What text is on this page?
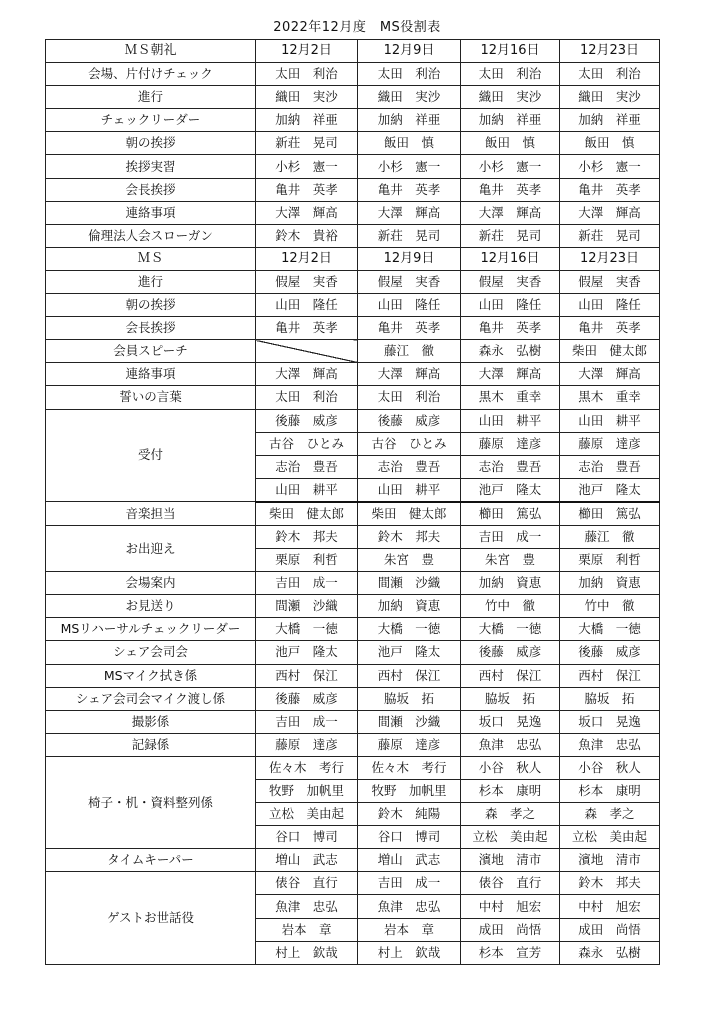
2022年12月度　MS役割表
ＭＳ朝礼	12月2日	12月9日	12月16日	12月23日
会場、片付けチェック	太田　利治	太田　利治	太田　利治	太田　利治
進行	織田　実沙	織田　実沙	織田　実沙	織田　実沙
チェックリーダー	加納　祥亜	加納　祥亜	加納　祥亜	加納　祥亜
朝の挨拶	新荘　晃司	飯田　慎	飯田　慎	飯田　慎
挨拶実習	小杉　憲一	小杉　憲一	小杉　憲一	小杉　憲一
会長挨拶	亀井　英孝	亀井　英孝	亀井　英孝	亀井　英孝
連絡事項	大澤　輝高	大澤　輝高	大澤　輝高	大澤　輝高
倫理法人会スローガン	鈴木　貴裕	新荘　晃司	新荘　晃司	新荘　晃司
ＭＳ	12月2日	12月9日	12月16日	12月23日
進行	假屋　実香	假屋　実香	假屋　実香	假屋　実香
朝の挨拶	山田　隆任	山田　隆任	山田　隆任	山田　隆任
会長挨拶	亀井　英孝	亀井　英孝	亀井　英孝	亀井　英孝
会員スピーチ		藤江　徹	森永　弘樹	柴田　健太郎
連絡事項	大澤　輝高	大澤　輝高	大澤　輝高	大澤　輝高
誓いの言葉	太田　利治	太田　利治	黒木　重幸	黒木　重幸
受付	後藤　威彦	後藤　威彦	山田　耕平	山田　耕平
	古谷　ひとみ	古谷　ひとみ	藤原　達彦	藤原　達彦
	志治　豊吾	志治　豊吾	志治　豊吾	志治　豊吾
	山田　耕平	山田　耕平	池戸　隆太	池戸　隆太
音楽担当	柴田　健太郎	柴田　健太郎	櫛田　篤弘	櫛田　篤弘
お出迎え	鈴木　邦夫	鈴木　邦夫	吉田　成一	藤江　徹
	栗原　利哲	朱宮　豊	朱宮　豊	栗原　利哲
会場案内	吉田　成一	間瀬　沙織	加納　資恵	加納　資恵
お見送り	間瀬　沙織	加納　資恵	竹中　徹	竹中　徹
MSリハーサルチェックリーダー	大橋　一徳	大橋　一徳	大橋　一徳	大橋　一徳
シェア会司会	池戸　隆太	池戸　隆太	後藤　威彦	後藤　威彦
MSマイク拭き係	西村　保江	西村　保江	西村　保江	西村　保江
シェア会司会マイク渡し係	後藤　威彦	脇坂　拓	脇坂　拓	脇坂　拓
撮影係	吉田　成一	間瀬　沙織	坂口　晃逸	坂口　晃逸
記録係	藤原　達彦	藤原　達彦	魚津　忠弘	魚津　忠弘
椅子・机・資料整列係	佐々木　考行	佐々木　考行	小谷　秋人	小谷　秋人
	牧野　加帆里	牧野　加帆里	杉本　康明	杉本　康明
	立松　美由起	鈴木　純陽	森　孝之	森　孝之
	谷口　博司	谷口　博司	立松　美由起	立松　美由起
タイムキーパー	増山　武志	増山　武志	濱地　清市	濱地　清市
ゲストお世話役	俵谷　直行	吉田　成一	俵谷　直行	鈴木　邦夫
	魚津　忠弘	魚津　忠弘	中村　旭宏	中村　旭宏
	岩本　章	岩本　章	成田　尚悟	成田　尚悟
	村上　欽哉	村上　欽哉	杉本　宣芳	森永　弘樹
